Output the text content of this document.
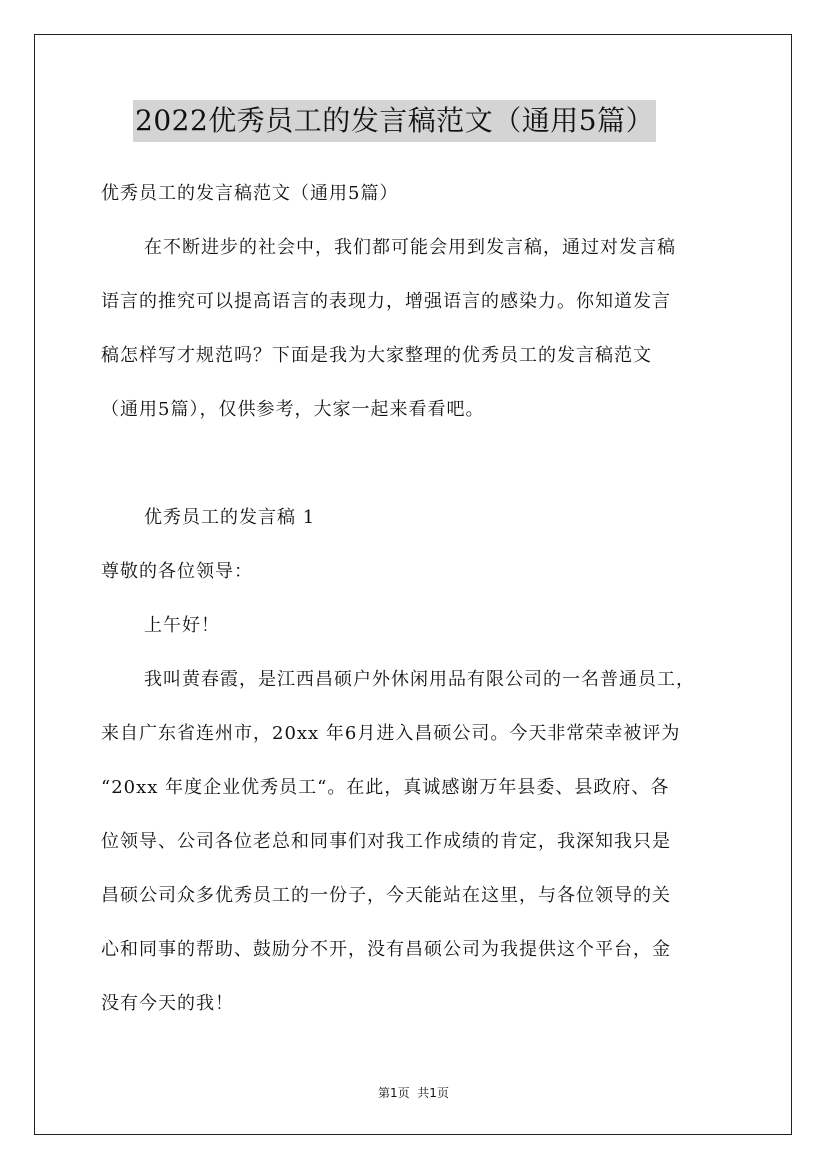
2022优秀员工的发言稿范文（通用5篇）
优秀员工的发言稿范文（通用5篇）
在不断进步的社会中，我们都可能会用到发言稿，通过对发言稿
语言的推究可以提高语言的表现力，增强语言的感染力。你知道发言
稿怎样写才规范吗？下面是我为大家整理的优秀员工的发言稿范文
（通用5篇），仅供参考，大家一起来看看吧。
优秀员工的发言稿 1
尊敬的各位领导：
上午好！
我叫黄春霞，是江西昌硕户外休闲用品有限公司的一名普通员工，
来自广东省连州市，20xx 年6月进入昌硕公司。今天非常荣幸被评为
“20xx 年度企业优秀员工“。在此，真诚感谢万年县委、县政府、各
位领导、公司各位老总和同事们对我工作成绩的肯定，我深知我只是
昌硕公司众多优秀员工的一份子，今天能站在这里，与各位领导的关
心和同事的帮助、鼓励分不开，没有昌硕公司为我提供这个平台，金
没有今天的我！
第1页  共1页
